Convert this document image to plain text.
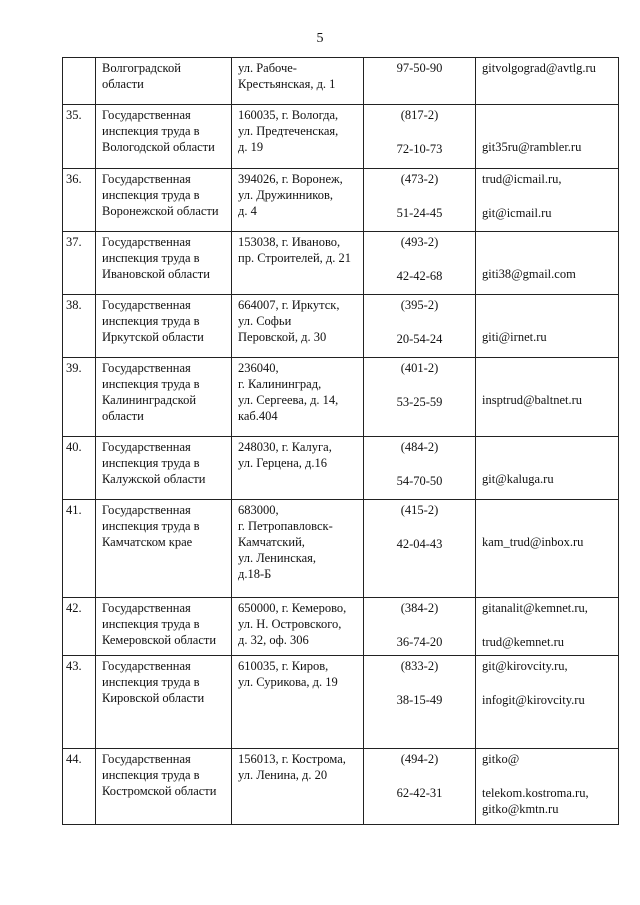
5

	Волгоградской
области	ул. Рабоче-
Крестьянская, д. 1	97-50-90	gitvolgograd@avtlg.ru

35.	Государственная
инспекция труда в
Вологодской области	160035, г. Вологда,
ул. Предтеченская,
д. 19	(817-2)
72-10-73	git35ru@rambler.ru

36.	Государственная
инспекция труда в
Воронежской области	394026, г. Воронеж,
ул. Дружинников,
д. 4	(473-2)
51-24-45	trud@icmail.ru,
git@icmail.ru

37.	Государственная
инспекция труда в
Ивановской области	153038, г. Иваново,
пр. Строителей, д. 21	(493-2)
42-42-68	giti38@gmail.com

38.	Государственная
инспекция труда в
Иркутской области	664007, г. Иркутск,
ул. Софьи
Перовской, д. 30	(395-2)
20-54-24	giti@irnet.ru

39.	Государственная
инспекция труда в
Калининградской
области	236040,
г. Калининград,
ул. Сергеева, д. 14,
каб.404	(401-2)
53-25-59	insptrud@baltnet.ru

40.	Государственная
инспекция труда в
Калужской области	248030, г. Калуга,
ул. Герцена, д.16	(484-2)
54-70-50	git@kaluga.ru

41.	Государственная
инспекция труда в
Камчатском крае	683000,
г. Петропавловск-
Камчатский,
ул. Ленинская,
д.18-Б	(415-2)
42-04-43	kam_trud@inbox.ru

42.	Государственная
инспекция труда в
Кемеровской области	650000, г. Кемерово,
ул. Н. Островского,
д. 32, оф. 306	(384-2)
36-74-20	gitanalit@kemnet.ru,
trud@kemnet.ru

43.	Государственная
инспекция труда в
Кировской области	610035, г. Киров,
ул. Сурикова, д. 19	(833-2)
38-15-49	git@kirovcity.ru,
infogit@kirovcity.ru

44.	Государственная
инспекция труда в
Костромской области	156013, г. Кострома,
ул. Ленина, д. 20	(494-2)
62-42-31	gitko@
telekom.kostroma.ru,
gitko@kmtn.ru
